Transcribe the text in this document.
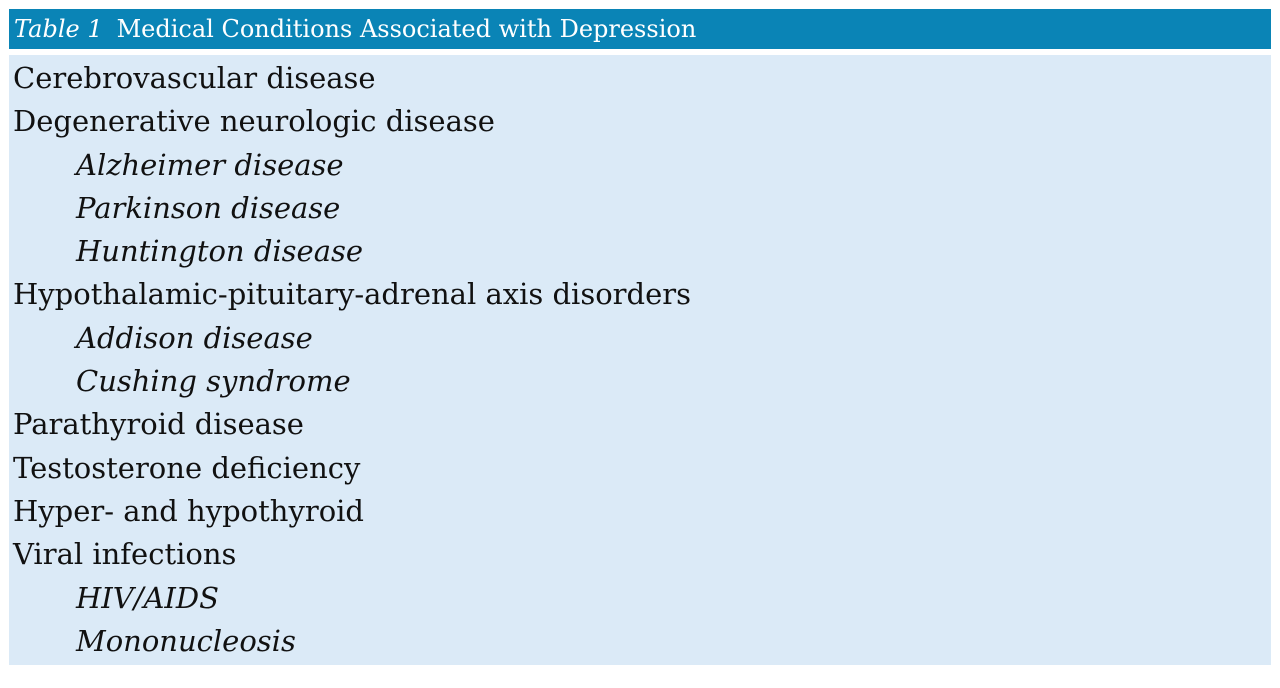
Table 1 Medical Conditions Associated with Depression
Cerebrovascular disease
Degenerative neurologic disease
Alzheimer disease
Parkinson disease
Huntington disease
Hypothalamic-pituitary-adrenal axis disorders
Addison disease
Cushing syndrome
Parathyroid disease
Testosterone deficiency
Hyper- and hypothyroid
Viral infections
HIV/AIDS
Mononucleosis
